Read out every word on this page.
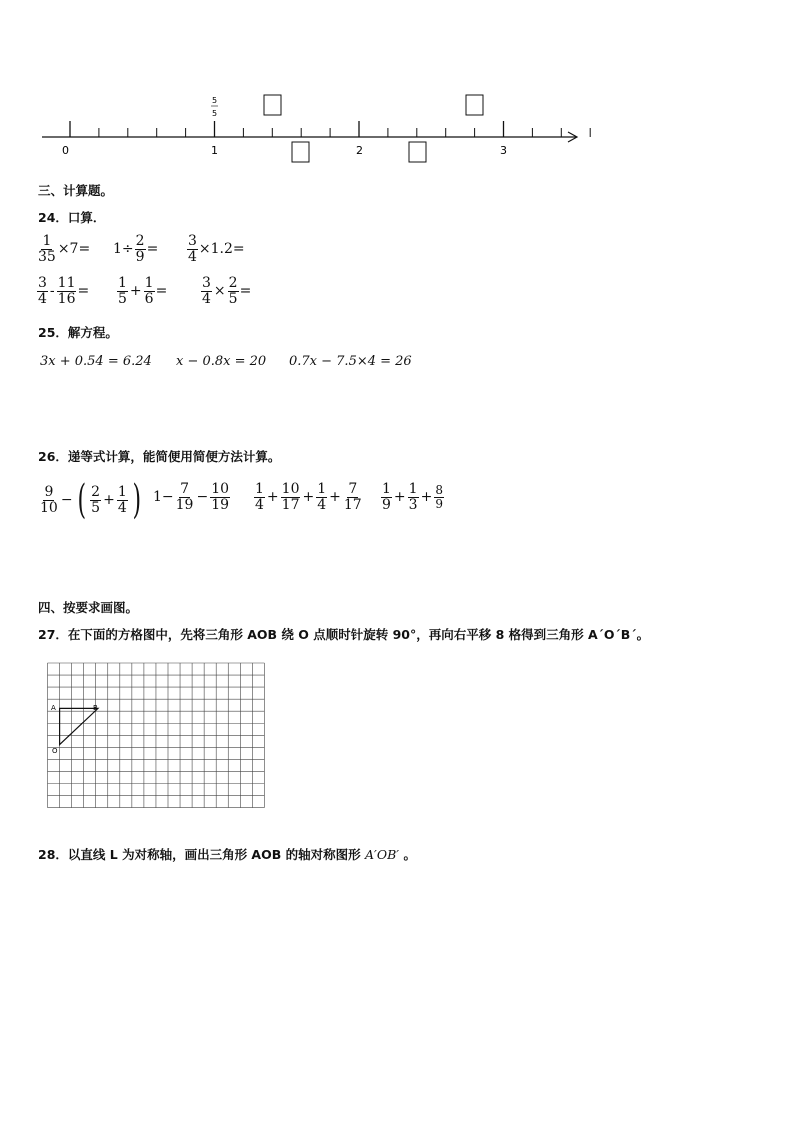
0	1	2	3
5
5
三、计算题。
24．口算．
$\frac{1}{35} \times 7= 1\div \frac{2}{9} = \frac{3}{4} \times 1.2=$
$\frac{3}{4} - \frac{11}{16} = \frac{1}{5} + \frac{1}{6} = \frac{3}{4} \times \frac{2}{5}$ =
25．解方程。
3x + 0.54 = 6.24 x − 0.8x = 20 0.7x − 7.5×4 = 26
26．递等式计算，能简便用简便方法计算。
$\frac{9}{10}$ − ( $\frac{2}{5} + \frac{1}{4}$ ) $1- \frac{7}{19} - \frac{10}{19} \frac{1}{4} + \frac{10}{17} + \frac{1}{4} + \frac{7}{17} \frac{1}{9} + \frac{1}{3} + \frac{8}{9}$
四、按要求画图。
27．在下面的方格图中，先将三角形 AOB 绕 O 点顺时针旋转 90°，再向右平移 8 格得到三角形 A´O´B´。
A	B
O
28．以直线 L 为对称轴，画出三角形 AOB 的轴对称图形 A′OB′ 。
